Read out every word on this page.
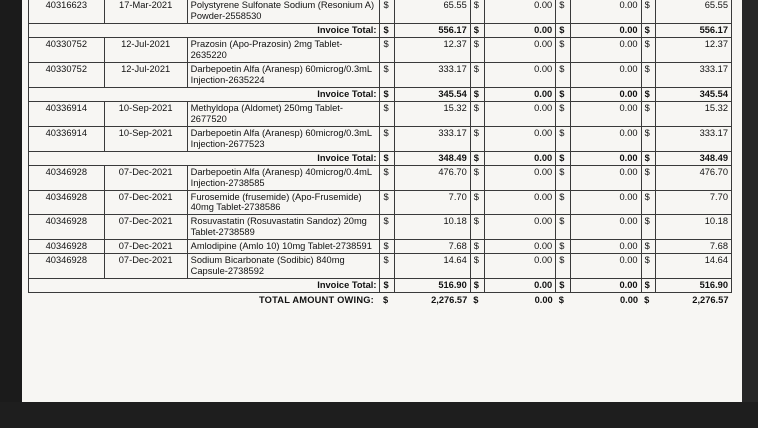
40316623	17-Mar-2021	Polystyrene Sulfonate Sodium (Resonium A) Powder-2558530	$	65.55	$	0.00	$	0.00	$	65.55
Invoice Total:			$	556.17	$	0.00	$	0.00	$	556.17
40330752	12-Jul-2021	Prazosin (Apo-Prazosin) 2mg Tablet-2635220	$	12.37	$	0.00	$	0.00	$	12.37
40330752	12-Jul-2021	Darbepoetin Alfa (Aranesp) 60microg/0.3mL Injection-2635224	$	333.17	$	0.00	$	0.00	$	333.17
Invoice Total:			$	345.54	$	0.00	$	0.00	$	345.54
40336914	10-Sep-2021	Methyldopa (Aldomet) 250mg Tablet-2677520	$	15.32	$	0.00	$	0.00	$	15.32
40336914	10-Sep-2021	Darbepoetin Alfa (Aranesp) 60microg/0.3mL Injection-2677523	$	333.17	$	0.00	$	0.00	$	333.17
Invoice Total:			$	348.49	$	0.00	$	0.00	$	348.49
40346928	07-Dec-2021	Darbepoetin Alfa (Aranesp) 40microg/0.4mL Injection-2738585	$	476.70	$	0.00	$	0.00	$	476.70
40346928	07-Dec-2021	Furosemide (frusemide) (Apo-Frusemide) 40mg Tablet-2738586	$	7.70	$	0.00	$	0.00	$	7.70
40346928	07-Dec-2021	Rosuvastatin (Rosuvastatin Sandoz) 20mg Tablet-2738589	$	10.18	$	0.00	$	0.00	$	10.18
40346928	07-Dec-2021	Amlodipine (Amlo 10) 10mg Tablet-2738591	$	7.68	$	0.00	$	0.00	$	7.68
40346928	07-Dec-2021	Sodium Bicarbonate (Sodibic) 840mg Capsule-2738592	$	14.64	$	0.00	$	0.00	$	14.64
Invoice Total:			$	516.90	$	0.00	$	0.00	$	516.90
TOTAL AMOUNT OWING:			$	2,276.57	$	0.00	$	0.00	$	2,276.57
